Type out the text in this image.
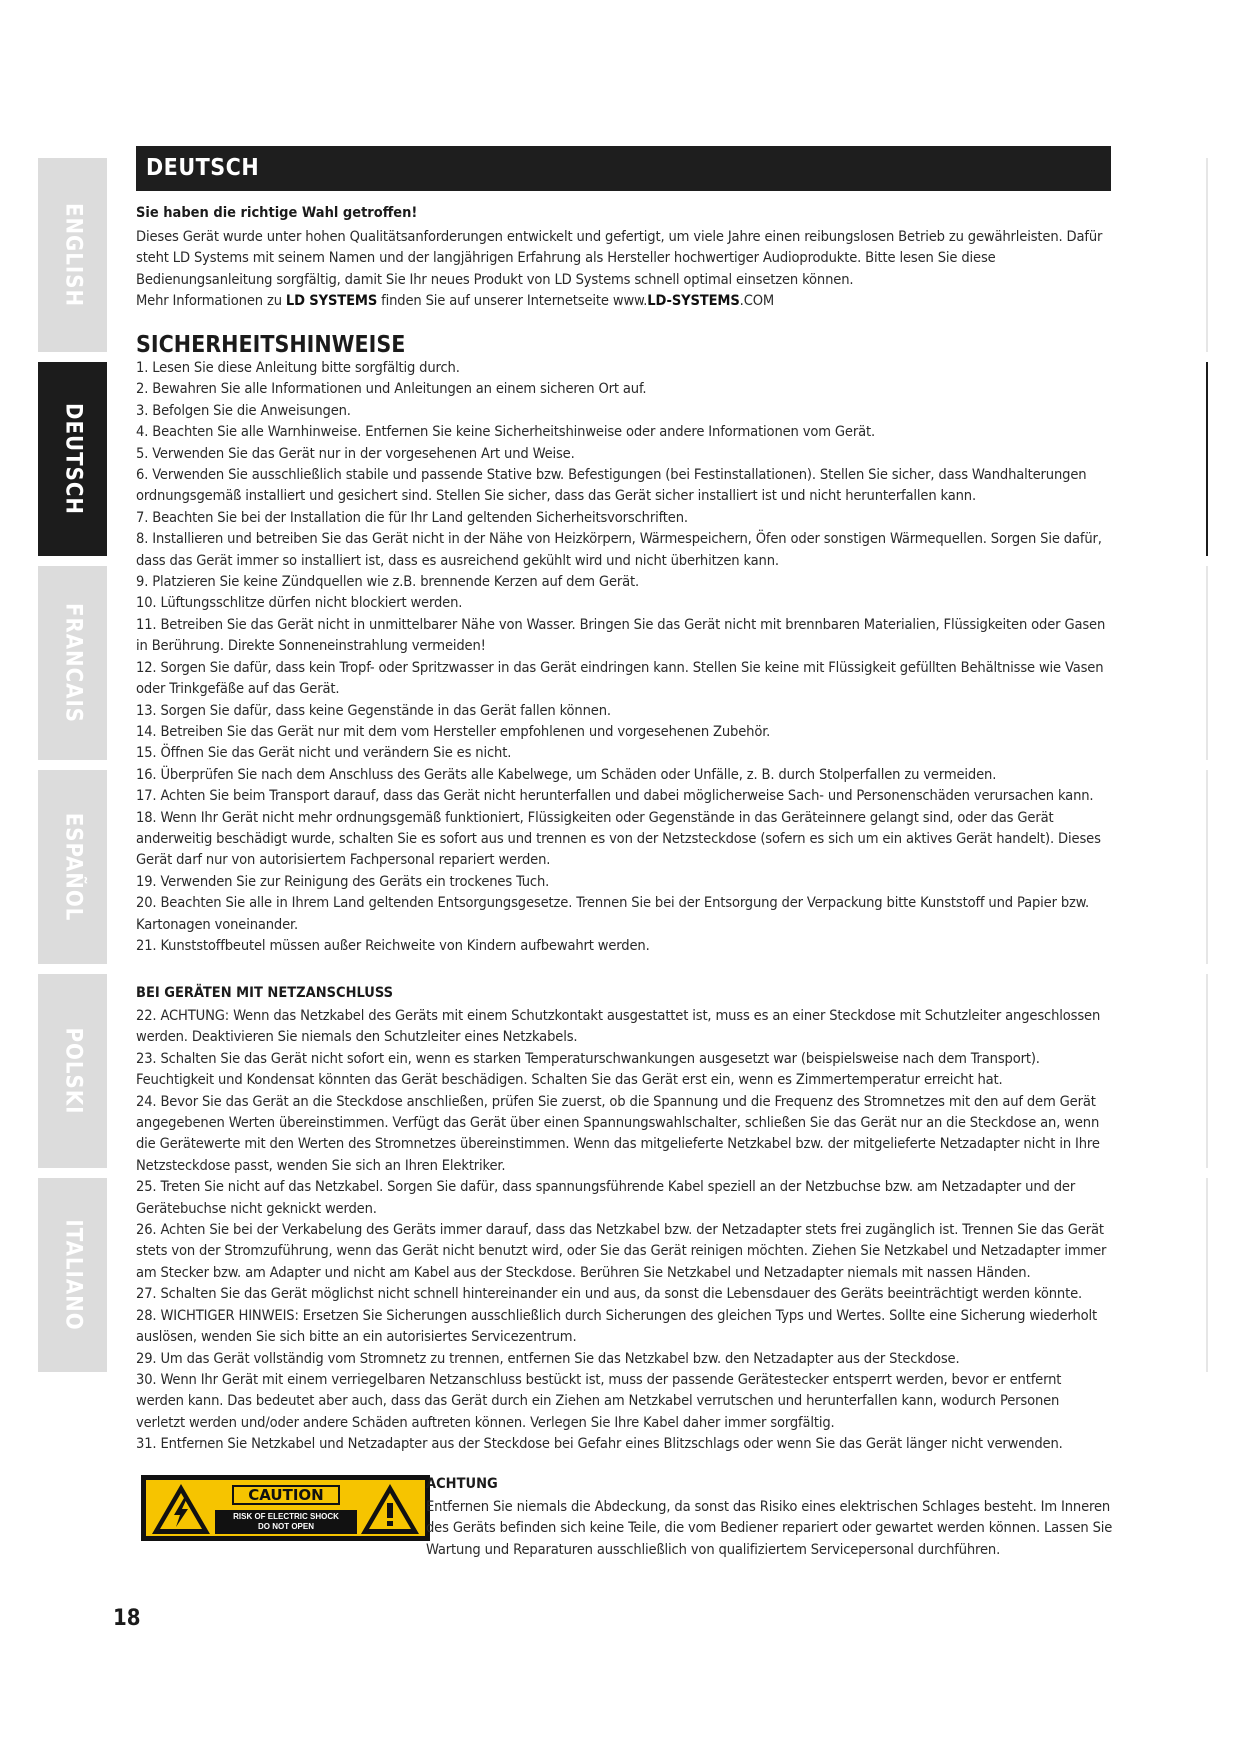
ENGLISH
DEUTSCH
FRANCAIS
ESPAÑOL
POLSKI
ITALIANO
DEUTSCH
Sie haben die richtige Wahl getroffen!

Dieses Gerät wurde unter hohen Qualitätsanforderungen entwickelt und gefertigt, um viele Jahre einen reibungslosen Betrieb zu gewährleisten. Dafür steht LD Systems mit seinem Namen und der langjährigen Erfahrung als Hersteller hochwertiger Audioprodukte. Bitte lesen Sie diese Bedienungsanleitung sorgfältig, damit Sie Ihr neues Produkt von LD Systems schnell optimal einsetzen können.

Mehr Informationen zu LD SYSTEMS finden Sie auf unserer Internetseite www.LD-SYSTEMS.COM

SICHERHEITSHINWEISE

1. Lesen Sie diese Anleitung bitte sorgfältig durch.

2. Bewahren Sie alle Informationen und Anleitungen an einem sicheren Ort auf.

3. Befolgen Sie die Anweisungen.

4. Beachten Sie alle Warnhinweise. Entfernen Sie keine Sicherheitshinweise oder andere Informationen vom Gerät.

5. Verwenden Sie das Gerät nur in der vorgesehenen Art und Weise.

6. Verwenden Sie ausschließlich stabile und passende Stative bzw. Befestigungen (bei Festinstallationen). Stellen Sie sicher, dass Wandhalterungen ordnungsgemäß installiert und gesichert sind. Stellen Sie sicher, dass das Gerät sicher installiert ist und nicht herunterfallen kann.

7. Beachten Sie bei der Installation die für Ihr Land geltenden Sicherheitsvorschriften.

8. Installieren und betreiben Sie das Gerät nicht in der Nähe von Heizkörpern, Wärmespeichern, Öfen oder sonstigen Wärmequellen. Sorgen Sie dafür, dass das Gerät immer so installiert ist, dass es ausreichend gekühlt wird und nicht überhitzen kann.

9. Platzieren Sie keine Zündquellen wie z.B. brennende Kerzen auf dem Gerät.

10. Lüftungsschlitze dürfen nicht blockiert werden.

11. Betreiben Sie das Gerät nicht in unmittelbarer Nähe von Wasser. Bringen Sie das Gerät nicht mit brennbaren Materialien, Flüssigkeiten oder Gasen in Berührung. Direkte Sonneneinstrahlung vermeiden!

12. Sorgen Sie dafür, dass kein Tropf- oder Spritzwasser in das Gerät eindringen kann. Stellen Sie keine mit Flüssigkeit gefüllten Behältnisse wie Vasen oder Trinkgefäße auf das Gerät.

13. Sorgen Sie dafür, dass keine Gegenstände in das Gerät fallen können.

14. Betreiben Sie das Gerät nur mit dem vom Hersteller empfohlenen und vorgesehenen Zubehör.

15. Öffnen Sie das Gerät nicht und verändern Sie es nicht.

16. Überprüfen Sie nach dem Anschluss des Geräts alle Kabelwege, um Schäden oder Unfälle, z. B. durch Stolperfallen zu vermeiden.

17. Achten Sie beim Transport darauf, dass das Gerät nicht herunterfallen und dabei möglicherweise Sach- und Personenschäden verursachen kann.

18. Wenn Ihr Gerät nicht mehr ordnungsgemäß funktioniert, Flüssigkeiten oder Gegenstände in das Geräteinnere gelangt sind, oder das Gerät anderweitig beschädigt wurde, schalten Sie es sofort aus und trennen es von der Netzsteckdose (sofern es sich um ein aktives Gerät handelt). Dieses Gerät darf nur von autorisiertem Fachpersonal repariert werden.

19. Verwenden Sie zur Reinigung des Geräts ein trockenes Tuch.

20. Beachten Sie alle in Ihrem Land geltenden Entsorgungsgesetze. Trennen Sie bei der Entsorgung der Verpackung bitte Kunststoff und Papier bzw. Kartonagen voneinander.

21. Kunststoffbeutel müssen außer Reichweite von Kindern aufbewahrt werden.

BEI GERÄTEN MIT NETZANSCHLUSS

22. ACHTUNG: Wenn das Netzkabel des Geräts mit einem Schutzkontakt ausgestattet ist, muss es an einer Steckdose mit Schutzleiter angeschlossen werden. Deaktivieren Sie niemals den Schutzleiter eines Netzkabels.

23. Schalten Sie das Gerät nicht sofort ein, wenn es starken Temperaturschwankungen ausgesetzt war (beispielsweise nach dem Transport). Feuchtigkeit und Kondensat könnten das Gerät beschädigen. Schalten Sie das Gerät erst ein, wenn es Zimmertemperatur erreicht hat.

24. Bevor Sie das Gerät an die Steckdose anschließen, prüfen Sie zuerst, ob die Spannung und die Frequenz des Stromnetzes mit den auf dem Gerät angegebenen Werten übereinstimmen. Verfügt das Gerät über einen Spannungswahlschalter, schließen Sie das Gerät nur an die Steckdose an, wenn die Gerätewerte mit den Werten des Stromnetzes übereinstimmen. Wenn das mitgelieferte Netzkabel bzw. der mitgelieferte Netzadapter nicht in Ihre Netzsteckdose passt, wenden Sie sich an Ihren Elektriker.

25. Treten Sie nicht auf das Netzkabel. Sorgen Sie dafür, dass spannungsführende Kabel speziell an der Netzbuchse bzw. am Netzadapter und der Gerätebuchse nicht geknickt werden.

26. Achten Sie bei der Verkabelung des Geräts immer darauf, dass das Netzkabel bzw. der Netzadapter stets frei zugänglich ist. Trennen Sie das Gerät stets von der Stromzuführung, wenn das Gerät nicht benutzt wird, oder Sie das Gerät reinigen möchten. Ziehen Sie Netzkabel und Netzadapter immer am Stecker bzw. am Adapter und nicht am Kabel aus der Steckdose. Berühren Sie Netzkabel und Netzadapter niemals mit nassen Händen.

27. Schalten Sie das Gerät möglichst nicht schnell hintereinander ein und aus, da sonst die Lebensdauer des Geräts beeinträchtigt werden könnte.

28. WICHTIGER HINWEIS: Ersetzen Sie Sicherungen ausschließlich durch Sicherungen des gleichen Typs und Wertes. Sollte eine Sicherung wiederholt auslösen, wenden Sie sich bitte an ein autorisiertes Servicezentrum.

29. Um das Gerät vollständig vom Stromnetz zu trennen, entfernen Sie das Netzkabel bzw. den Netzadapter aus der Steckdose.

30. Wenn Ihr Gerät mit einem verriegelbaren Netzanschluss bestückt ist, muss der passende Gerätestecker entsperrt werden, bevor er entfernt werden kann. Das bedeutet aber auch, dass das Gerät durch ein Ziehen am Netzkabel verrutschen und herunterfallen kann, wodurch Personen verletzt werden und/oder andere Schäden auftreten können. Verlegen Sie Ihre Kabel daher immer sorgfältig.

31. Entfernen Sie Netzkabel und Netzadapter aus der Steckdose bei Gefahr eines Blitzschlags oder wenn Sie das Gerät länger nicht verwenden.

CAUTION
RISK OF ELECTRIC SHOCK
DO NOT OPEN
ACHTUNG
Entfernen Sie niemals die Abdeckung, da sonst das Risiko eines elektrischen Schlages besteht. Im Inneren des Geräts befinden sich keine Teile, die vom Bediener repariert oder gewartet werden können. Lassen Sie Wartung und Reparaturen ausschließlich von qualifiziertem Servicepersonal durchführen.
18
